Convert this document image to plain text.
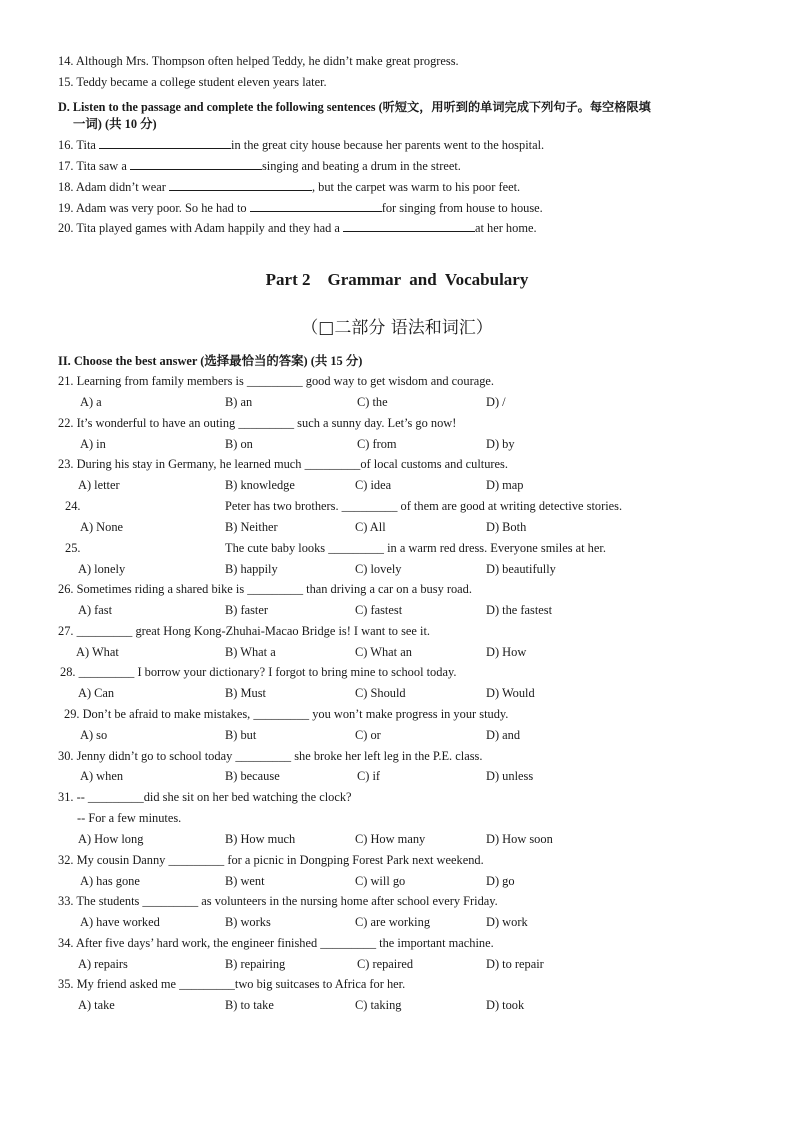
14. Although Mrs. Thompson often helped Teddy, he didn’t make great progress.
15. Teddy became a college student eleven years later.
D. Listen to the passage and complete the following sentences (听短文，用听到的单词完成下列句子。每空格限填
一词) (共 10 分)
16. Tita	in the great city house because her parents went to the hospital.
17. Tita saw a	singing and beating a drum in the street.
18. Adam didn’t wear	, but the carpet was warm to his poor feet.
19. Adam was very poor. So he had to	for singing from house to house.
20. Tita played games with Adam happily and they had a	at her home.
Part 2    Grammar  and  Vocabulary
（□二部分 语法和词汇）
II. Choose the best answer (选择最恰当的答案) (共 15 分)
21. Learning from family members is _________ good way to get wisdom and courage.
A) a	B) an	C) the	D) /
22. It’s wonderful to have an outing _________ such a sunny day. Let’s go now!
A) in	B) on	C) from	D) by
23. During his stay in Germany, he learned much _________of local customs and cultures.
A) letter	B) knowledge	C) idea	D) map
24.	Peter has two brothers. _________ of them are good at writing detective stories.
A) None	B) Neither	C) All	D) Both
25.	The cute baby looks _________ in a warm red dress. Everyone smiles at her.
A) lonely	B) happily	C) lovely	D) beautifully
26. Sometimes riding a shared bike is _________ than driving a car on a busy road.
A) fast	B) faster	C) fastest	D) the fastest
27. _________ great Hong Kong-Zhuhai-Macao Bridge is! I want to see it.
A) What	B) What a	C) What an	D) How
28. _________ I borrow your dictionary? I forgot to bring mine to school today.
A) Can	B) Must	C) Should	D) Would
29. Don’t be afraid to make mistakes, _________ you won’t make progress in your study.
A) so	B) but	C) or	D) and
30. Jenny didn’t go to school today _________ she broke her left leg in the P.E. class.
A) when	B) because	C) if	D) unless
31. -- _________did she sit on her bed watching the clock?
-- For a few minutes.
A) How long	B) How much	C) How many	D) How soon
32. My cousin Danny _________ for a picnic in Dongping Forest Park next weekend.
A) has gone	B) went	C) will go	D) go
33. The students _________ as volunteers in the nursing home after school every Friday.
A) have worked	B) works	C) are working	D) work
34. After five days’ hard work, the engineer finished _________ the important machine.
A) repairs	B) repairing	C) repaired	D) to repair
35. My friend asked me _________two big suitcases to Africa for her.
A) take	B) to take	C) taking	D) took
